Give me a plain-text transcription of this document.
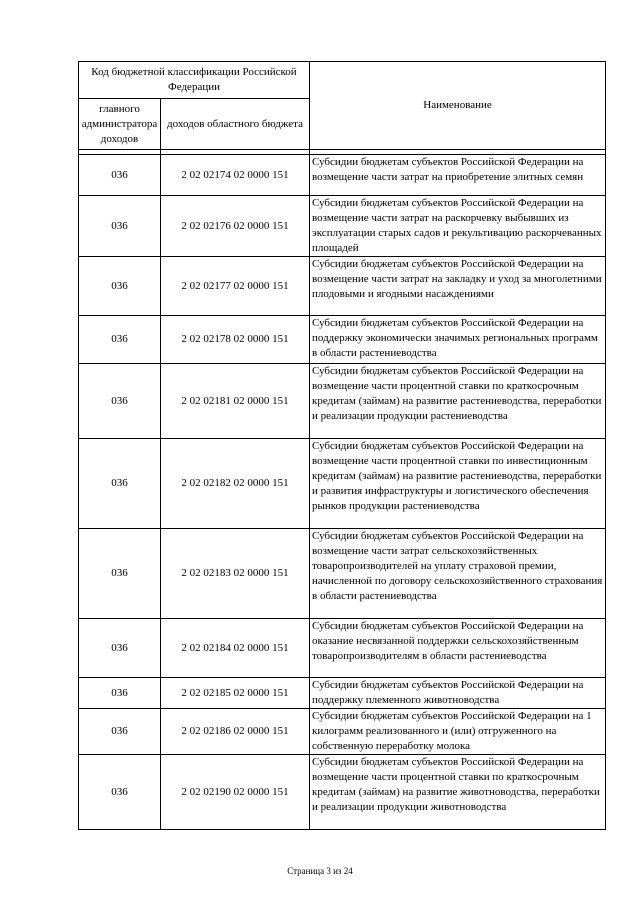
Код бюджетной классификации Российской Федерации		Наименование
главного администратора доходов	доходов областного бюджета	

036	2 02 02174 02 0000 151	Субсидии бюджетам субъектов Российской Федерации на возмещение части затрат на приобретение элитных семян
036	2 02 02176 02 0000 151	Субсидии бюджетам субъектов Российской Федерации на возмещение части затрат на раскорчевку выбывших из эксплуатации старых садов и рекультивацию раскорчеванных площадей
036	2 02 02177 02 0000 151	Субсидии бюджетам субъектов Российской Федерации на возмещение части затрат на закладку и уход за многолетними плодовыми и ягодными насаждениями
036	2 02 02178 02 0000 151	Субсидии бюджетам субъектов Российской Федерации на поддержку экономически значимых региональных программ в области растениеводства
036	2 02 02181 02 0000 151	Субсидии бюджетам субъектов Российской Федерации на возмещение части процентной ставки по краткосрочным кредитам (займам) на развитие растениеводства, переработки и реализации продукции растениеводства
036	2 02 02182 02 0000 151	Субсидии бюджетам субъектов Российской Федерации на возмещение части процентной ставки по инвестиционным кредитам (займам) на развитие растениеводства, переработки и развития инфраструктуры и логистического обеспечения рынков продукции растениеводства
036	2 02 02183 02 0000 151	Субсидии бюджетам субъектов Российской Федерации на возмещение части затрат сельскохозяйственных товаропроизводителей на уплату страховой премии, начисленной по договору сельскохозяйственного страхования в области растениеводства
036	2 02 02184 02 0000 151	Субсидии бюджетам субъектов Российской Федерации на оказание несвязанной поддержки сельскохозяйственным товаропроизводителям в области растениеводства
036	2 02 02185 02 0000 151	Субсидии бюджетам субъектов Российской Федерации на поддержку племенного животноводства
036	2 02 02186 02 0000 151	Субсидии бюджетам субъектов Российской Федерации на 1 килограмм реализованного и (или) отгруженного на собственную переработку молока
036	2 02 02190 02 0000 151	Субсидии бюджетам субъектов Российской Федерации на возмещение части процентной ставки по краткосрочным кредитам (займам) на развитие животноводства, переработки и реализации продукции животноводства
Страница 3 из 24
